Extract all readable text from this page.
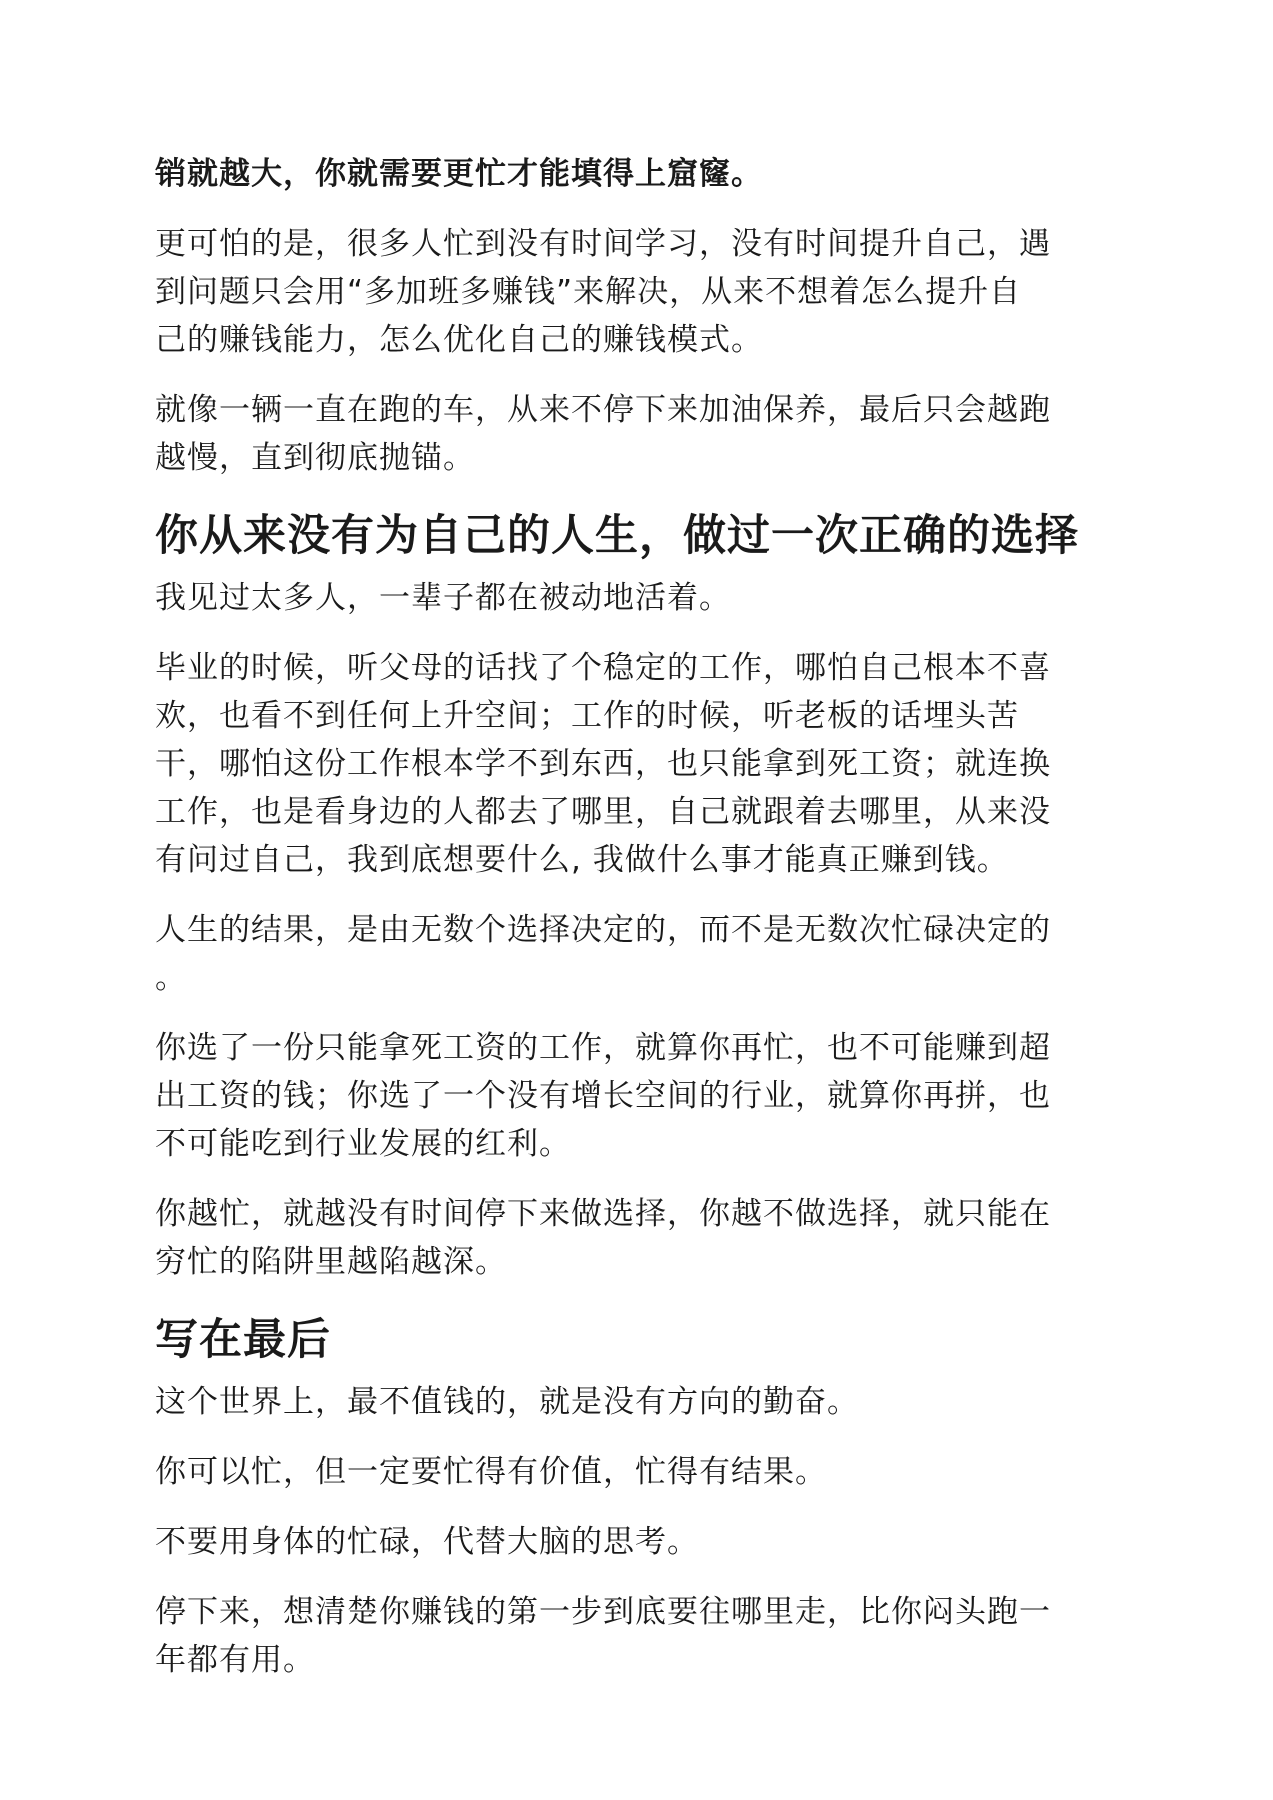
销就越大，你就需要更忙才能填得上窟窿。
更可怕的是，很多人忙到没有时间学习，没有时间提升自己，遇
到问题只会用“多加班多赚钱”来解决，从来不想着怎么提升自
己的赚钱能力，怎么优化自己的赚钱模式。
就像一辆一直在跑的车，从来不停下来加油保养，最后只会越跑
越慢，直到彻底抛锚。
你从来没有为自己的人生，做过一次正确的选择
我见过太多人，一辈子都在被动地活着。
毕业的时候，听父母的话找了个稳定的工作，哪怕自己根本不喜
欢，也看不到任何上升空间；工作的时候，听老板的话埋头苦
干，哪怕这份工作根本学不到东西，也只能拿到死工资；就连换
工作，也是看身边的人都去了哪里，自己就跟着去哪里，从来没
有问过自己，我到底想要什么, 我做什么事才能真正赚到钱。
人生的结果，是由无数个选择决定的，而不是无数次忙碌决定的
。
你选了一份只能拿死工资的工作，就算你再忙，也不可能赚到超
出工资的钱；你选了一个没有增长空间的行业，就算你再拼，也
不可能吃到行业发展的红利。
你越忙，就越没有时间停下来做选择，你越不做选择，就只能在
穷忙的陷阱里越陷越深。
写在最后
这个世界上，最不值钱的，就是没有方向的勤奋。
你可以忙，但一定要忙得有价值，忙得有结果。
不要用身体的忙碌，代替大脑的思考。
停下来，想清楚你赚钱的第一步到底要往哪里走，比你闷头跑一
年都有用。
